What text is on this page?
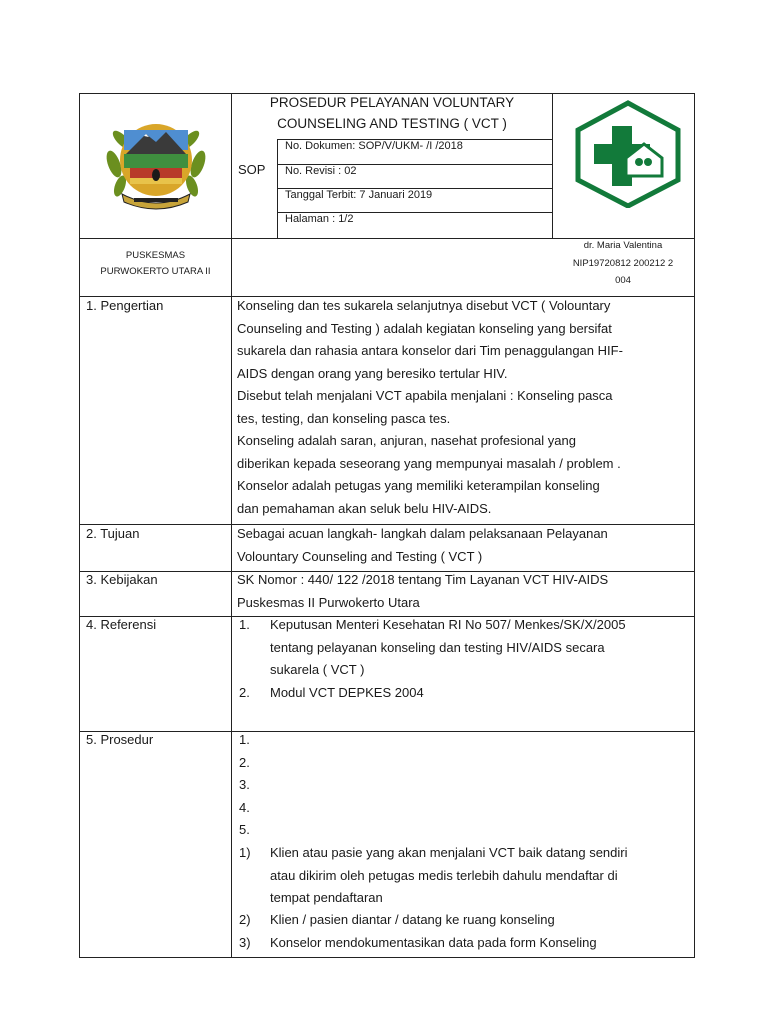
PROSEDUR PELAYANAN VOLUNTARY
COUNSELING AND TESTING ( VCT )
SOP
No. Dokumen: SOP/V/UKM- /I /2018
No. Revisi : 02
Tanggal Terbit: 7 Januari 2019
Halaman : 1/2
PUSKESMAS
PURWOKERTO UTARA II
dr. Maria Valentina
NIP19720812 200212 2
004
1. Pengertian	Konseling dan tes sukarela selanjutnya disebut VCT ( Volountary
Counseling and Testing ) adalah kegiatan konseling yang bersifat
sukarela dan rahasia antara konselor dari Tim penaggulangan HIF-
AIDS dengan orang yang beresiko tertular HIV.
Disebut telah menjalani VCT apabila menjalani : Konseling pasca
tes, testing, dan konseling pasca tes.
Konseling adalah saran, anjuran, nasehat profesional yang
diberikan kepada seseorang yang mempunyai masalah / problem .
Konselor adalah petugas yang memiliki keterampilan konseling
dan pemahaman akan seluk belu HIV-AIDS.
2. Tujuan	Sebagai acuan langkah- langkah dalam pelaksanaan Pelayanan
Volountary Counseling and Testing ( VCT )
3. Kebijakan	SK Nomor : 440/ 122 /2018 tentang Tim Layanan VCT HIV-AIDS
Puskesmas II Purwokerto Utara
4. Referensi	1. Keputusan Menteri Kesehatan RI No 507/ Menkes/SK/X/2005
tentang pelayanan konseling dan testing HIV/AIDS secara
sukarela ( VCT )
2. Modul VCT DEPKES 2004
5. Prosedur	1.
2.
3.
4.
5.
1) Klien atau pasie yang akan menjalani VCT baik datang sendiri
atau dikirim oleh petugas medis terlebih dahulu mendaftar di
tempat pendaftaran
2) Klien / pasien diantar / datang ke ruang konseling
3) Konselor mendokumentasikan data pada form Konseling
